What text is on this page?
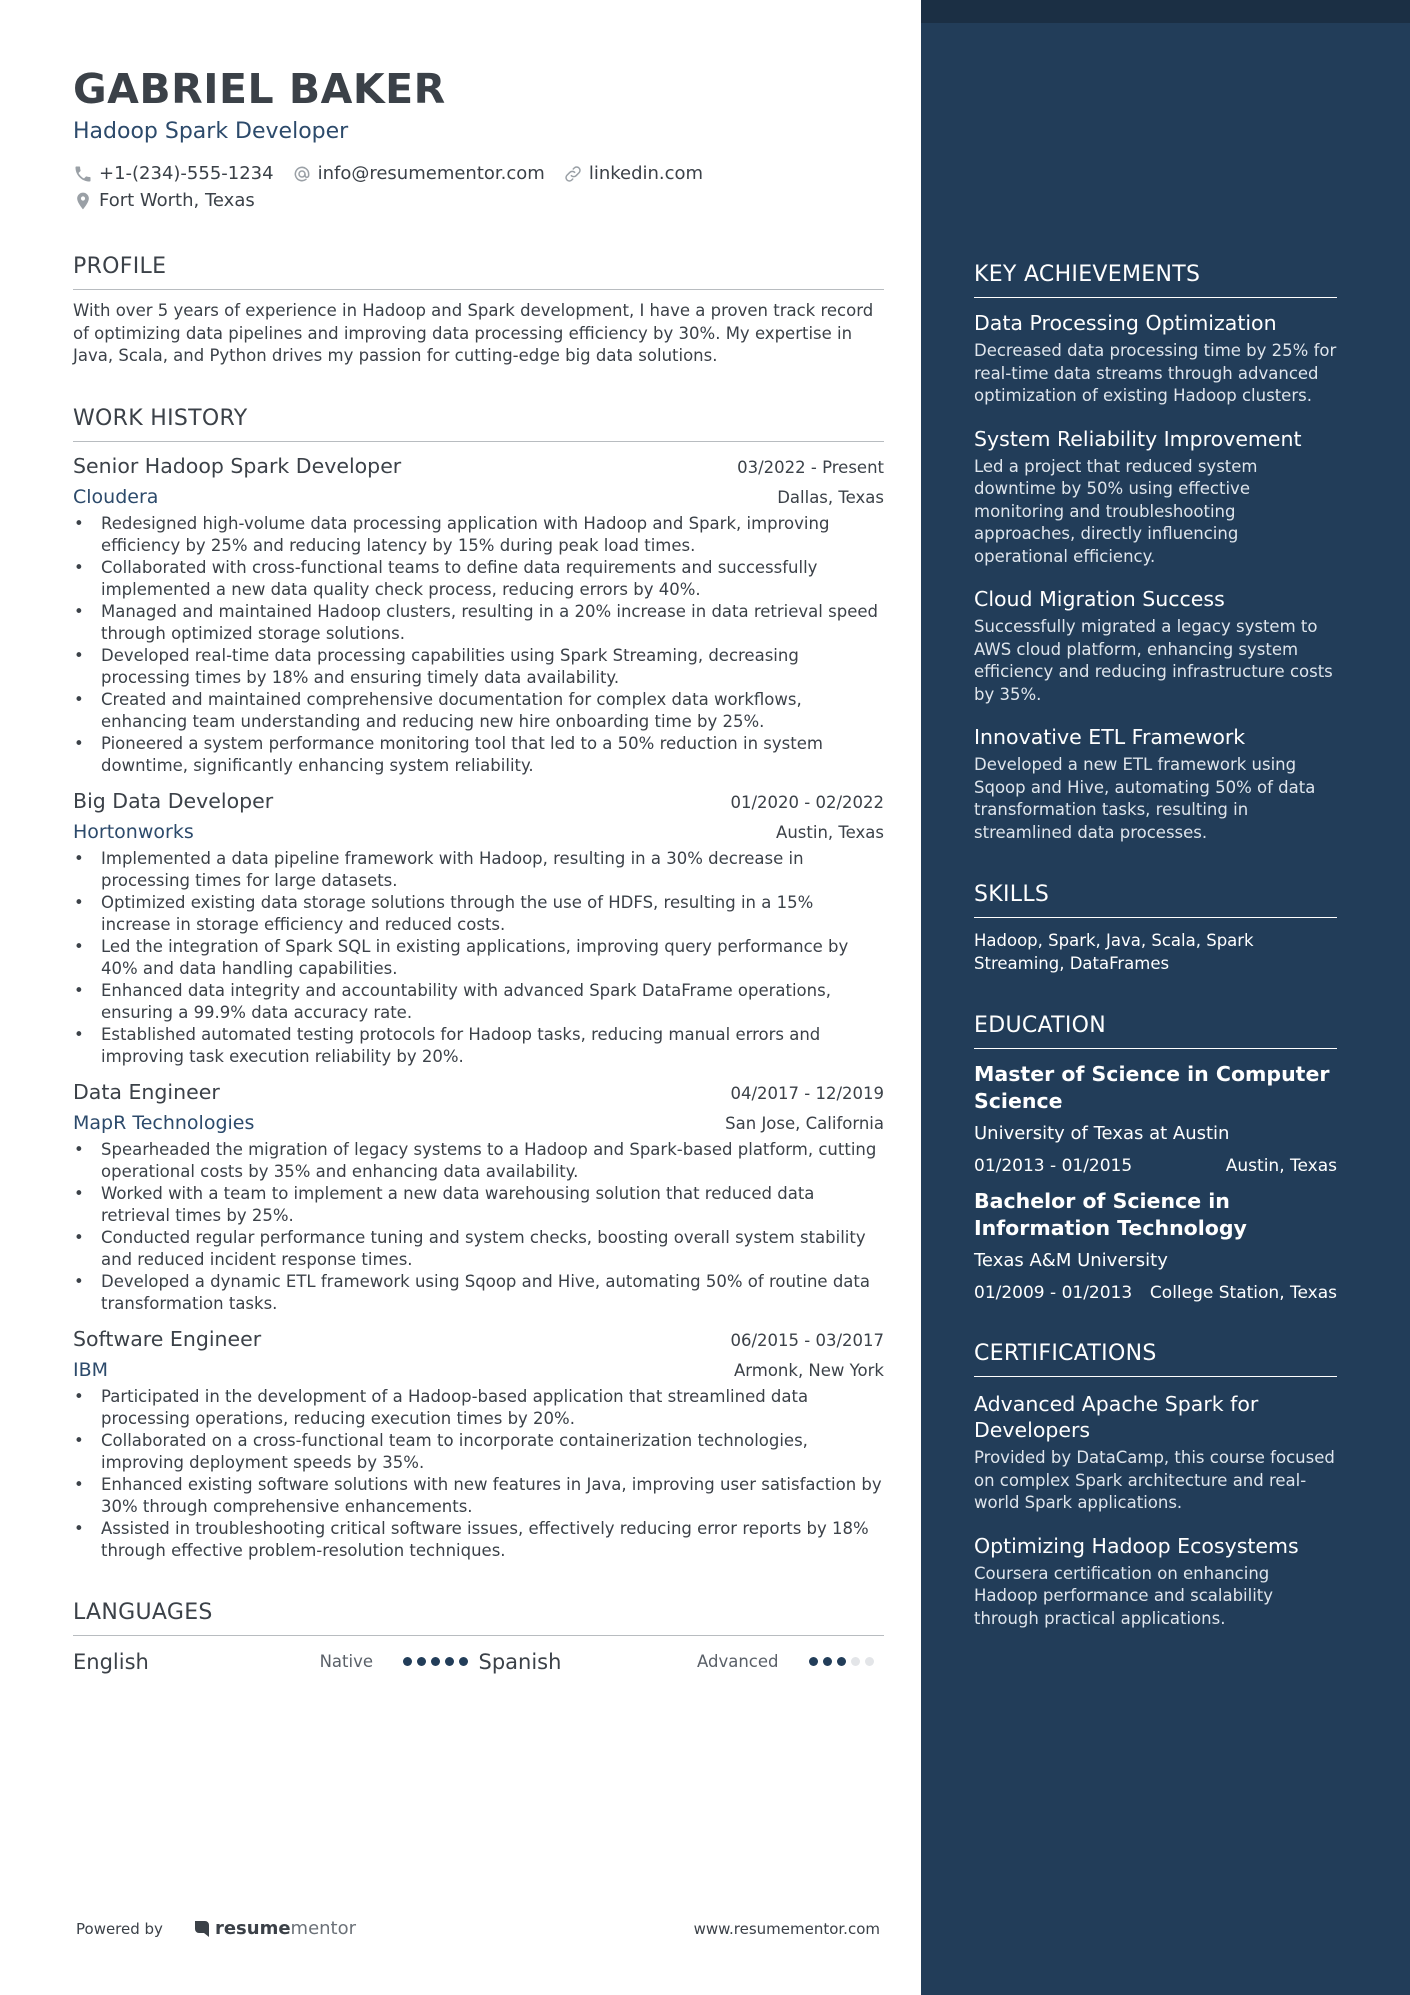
GABRIEL BAKER
Hadoop Spark Developer
+1-(234)-555-1234 info@resumementor.com linkedin.com
Fort Worth, Texas
PROFILE
With over 5 years of experience in Hadoop and Spark development, I have a proven track record of optimizing data pipelines and improving data processing efficiency by 30%. My expertise in Java, Scala, and Python drives my passion for cutting-edge big data solutions.
WORK HISTORY
Senior Hadoop Spark Developer	03/2022 - Present
Cloudera	Dallas, Texas
• Redesigned high-volume data processing application with Hadoop and Spark, improving efficiency by 25% and reducing latency by 15% during peak load times.
• Collaborated with cross-functional teams to define data requirements and successfully implemented a new data quality check process, reducing errors by 40%.
• Managed and maintained Hadoop clusters, resulting in a 20% increase in data retrieval speed through optimized storage solutions.
• Developed real-time data processing capabilities using Spark Streaming, decreasing processing times by 18% and ensuring timely data availability.
• Created and maintained comprehensive documentation for complex data workflows, enhancing team understanding and reducing new hire onboarding time by 25%.
• Pioneered a system performance monitoring tool that led to a 50% reduction in system downtime, significantly enhancing system reliability.
Big Data Developer	01/2020 - 02/2022
Hortonworks	Austin, Texas
• Implemented a data pipeline framework with Hadoop, resulting in a 30% decrease in processing times for large datasets.
• Optimized existing data storage solutions through the use of HDFS, resulting in a 15% increase in storage efficiency and reduced costs.
• Led the integration of Spark SQL in existing applications, improving query performance by 40% and data handling capabilities.
• Enhanced data integrity and accountability with advanced Spark DataFrame operations, ensuring a 99.9% data accuracy rate.
• Established automated testing protocols for Hadoop tasks, reducing manual errors and improving task execution reliability by 20%.
Data Engineer	04/2017 - 12/2019
MapR Technologies	San Jose, California
• Spearheaded the migration of legacy systems to a Hadoop and Spark-based platform, cutting operational costs by 35% and enhancing data availability.
• Worked with a team to implement a new data warehousing solution that reduced data retrieval times by 25%.
• Conducted regular performance tuning and system checks, boosting overall system stability and reduced incident response times.
• Developed a dynamic ETL framework using Sqoop and Hive, automating 50% of routine data transformation tasks.
Software Engineer	06/2015 - 03/2017
IBM	Armonk, New York
• Participated in the development of a Hadoop-based application that streamlined data processing operations, reducing execution times by 20%.
• Collaborated on a cross-functional team to incorporate containerization technologies, improving deployment speeds by 35%.
• Enhanced existing software solutions with new features in Java, improving user satisfaction by 30% through comprehensive enhancements.
• Assisted in troubleshooting critical software issues, effectively reducing error reports by 18% through effective problem-resolution techniques.
LANGUAGES
English	Native	Spanish	Advanced
Powered by	resume mentor	www.resumementor.com
KEY ACHIEVEMENTS
Data Processing Optimization
Decreased data processing time by 25% for real-time data streams through advanced optimization of existing Hadoop clusters.
System Reliability Improvement
Led a project that reduced system downtime by 50% using effective monitoring and troubleshooting approaches, directly influencing operational efficiency.
Cloud Migration Success
Successfully migrated a legacy system to AWS cloud platform, enhancing system efficiency and reducing infrastructure costs by 35%.
Innovative ETL Framework
Developed a new ETL framework using Sqoop and Hive, automating 50% of data transformation tasks, resulting in streamlined data processes.
SKILLS
Hadoop, Spark, Java, Scala, Spark Streaming, DataFrames
EDUCATION
Master of Science in Computer Science
University of Texas at Austin
01/2013 - 01/2015	Austin, Texas
Bachelor of Science in Information Technology
Texas A&M University
01/2009 - 01/2013 College Station, Texas
CERTIFICATIONS
Advanced Apache Spark for Developers
Provided by DataCamp, this course focused on complex Spark architecture and real-world Spark applications.
Optimizing Hadoop Ecosystems
Coursera certification on enhancing Hadoop performance and scalability through practical applications.
